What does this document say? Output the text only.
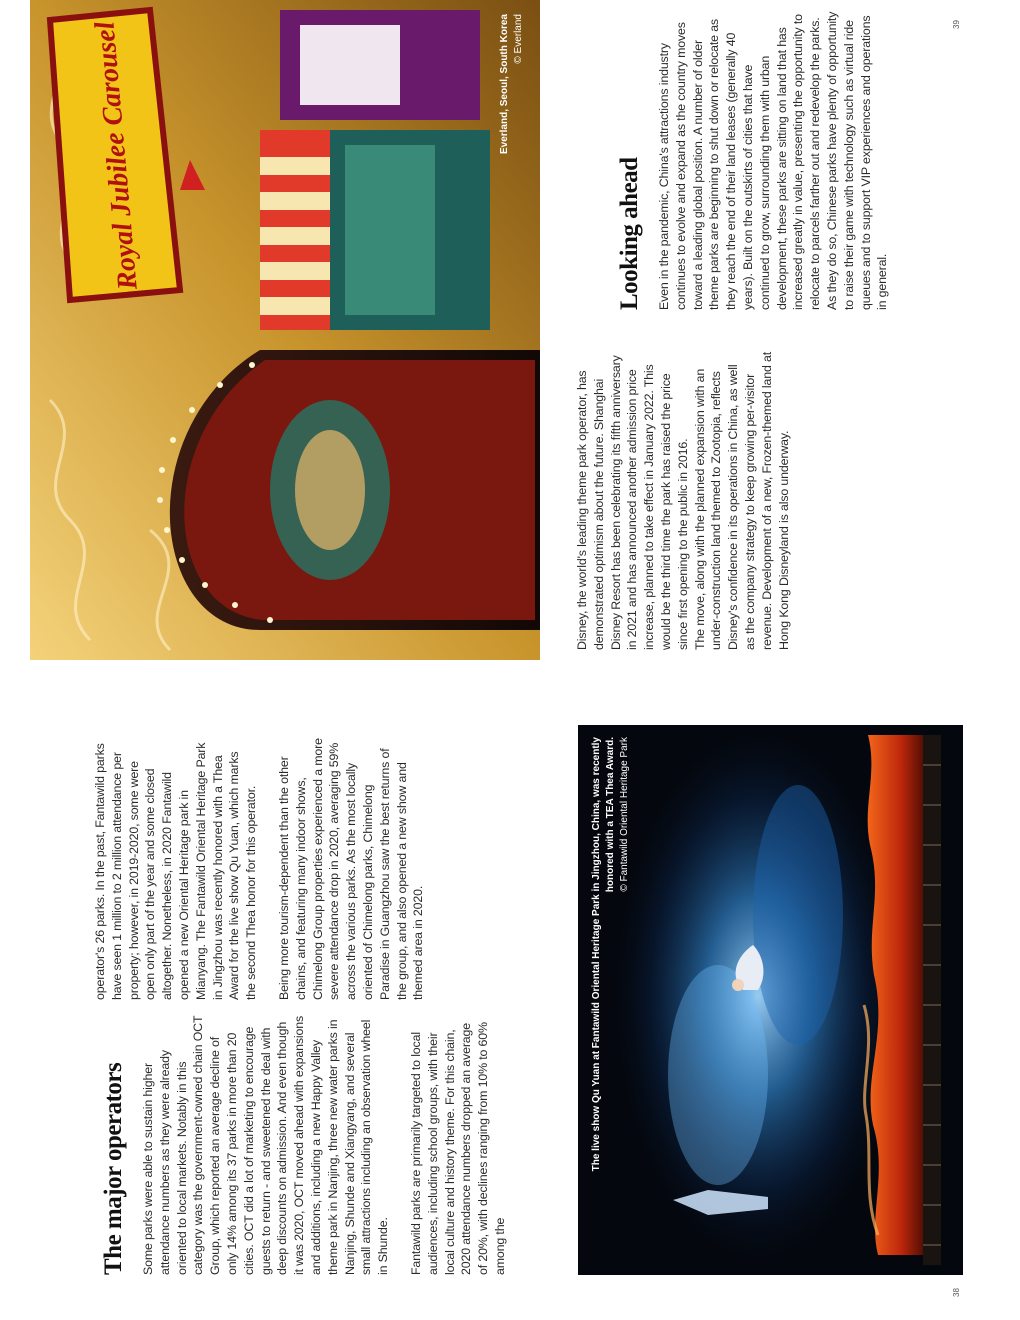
38
39
The live show Qu Yuan at Fantawild Oriental Heritage Park in Jingzhou, China, was recently honored with a TEA Thea Award. © Fantawild Oriental Heritage Park
The major operators Some parks were able to sustain higher attendance numbers as they were already oriented to local markets. Notably in this category was the government-owned chain OCT Group, which reported an average decline of only 14% among its 37 parks in more than 20 cities. OCT did a lot of marketing to encourage guests to return - and sweetened the deal with deep discounts on admission. And even though it was 2020, OCT moved ahead with expansions and additions, including a new Happy Valley theme park in Nanjing, three new water parks in Nanjing, Shunde and Xiangyang, and several small attractions including an observation wheel in Shunde. Fantawild parks are primarily targeted to local audiences, including school groups, with their local culture and history theme. For this chain, 2020 attendance numbers dropped an average of 20%, with declines ranging from 10% to 60% among the

operator's 26 parks. In the past, Fantawild parks have seen 1 million to 2 million attendance per property; however, in 2019-2020, some were open only part of the year and some closed altogether. Nonetheless, in 2020 Fantawild opened a new Oriental Heritage park in Mianyang. The Fantawild Oriental Heritage Park in Jingzhou was recently honored with a Thea Award for the live show Qu Yuan, which marks the second Thea honor for this operator. Being more tourism-dependent than the other chains, and featuring many indoor shows, Chimelong Group properties experienced a more severe attendance drop in 2020, averaging 59% across the various parks. As the most locally oriented of Chimelong parks, Chimelong Paradise in Guangzhou saw the best returns of the group, and also opened a new show and themed area in 2020.

Royal Jubilee Carousel	Everland, Seoul, South Korea © Everland

Disney, the world's leading theme park operator, has demonstrated optimism about the future. Shanghai Disney Resort has been celebrating its fifth anniversary in 2021 and has announced another admission price increase, planned to take effect in January 2022. This would be the third time the park has raised the price since first opening to the public in 2016. The move, along with the planned expansion with an under-construction land themed to Zootopia, reflects Disney's confidence in its operations in China, as well as the company strategy to keep growing per-visitor revenue. Development of a new, Frozen-themed land at Hong Kong Disneyland is also underway.

Looking ahead Even in the pandemic, China's attractions industry continues to evolve and expand as the country moves toward a leading global position. A number of older theme parks are beginning to shut down or relocate as they reach the end of their land leases (generally 40 years). Built on the outskirts of cities that have continued to grow, surrounding them with urban development, these parks are sitting on land that has increased greatly in value, presenting the opportunity to relocate to parcels farther out and redevelop the parks. As they do so, Chinese parks have plenty of opportunity to raise their game with technology such as virtual ride queues and to support VIP experiences and operations in general.
